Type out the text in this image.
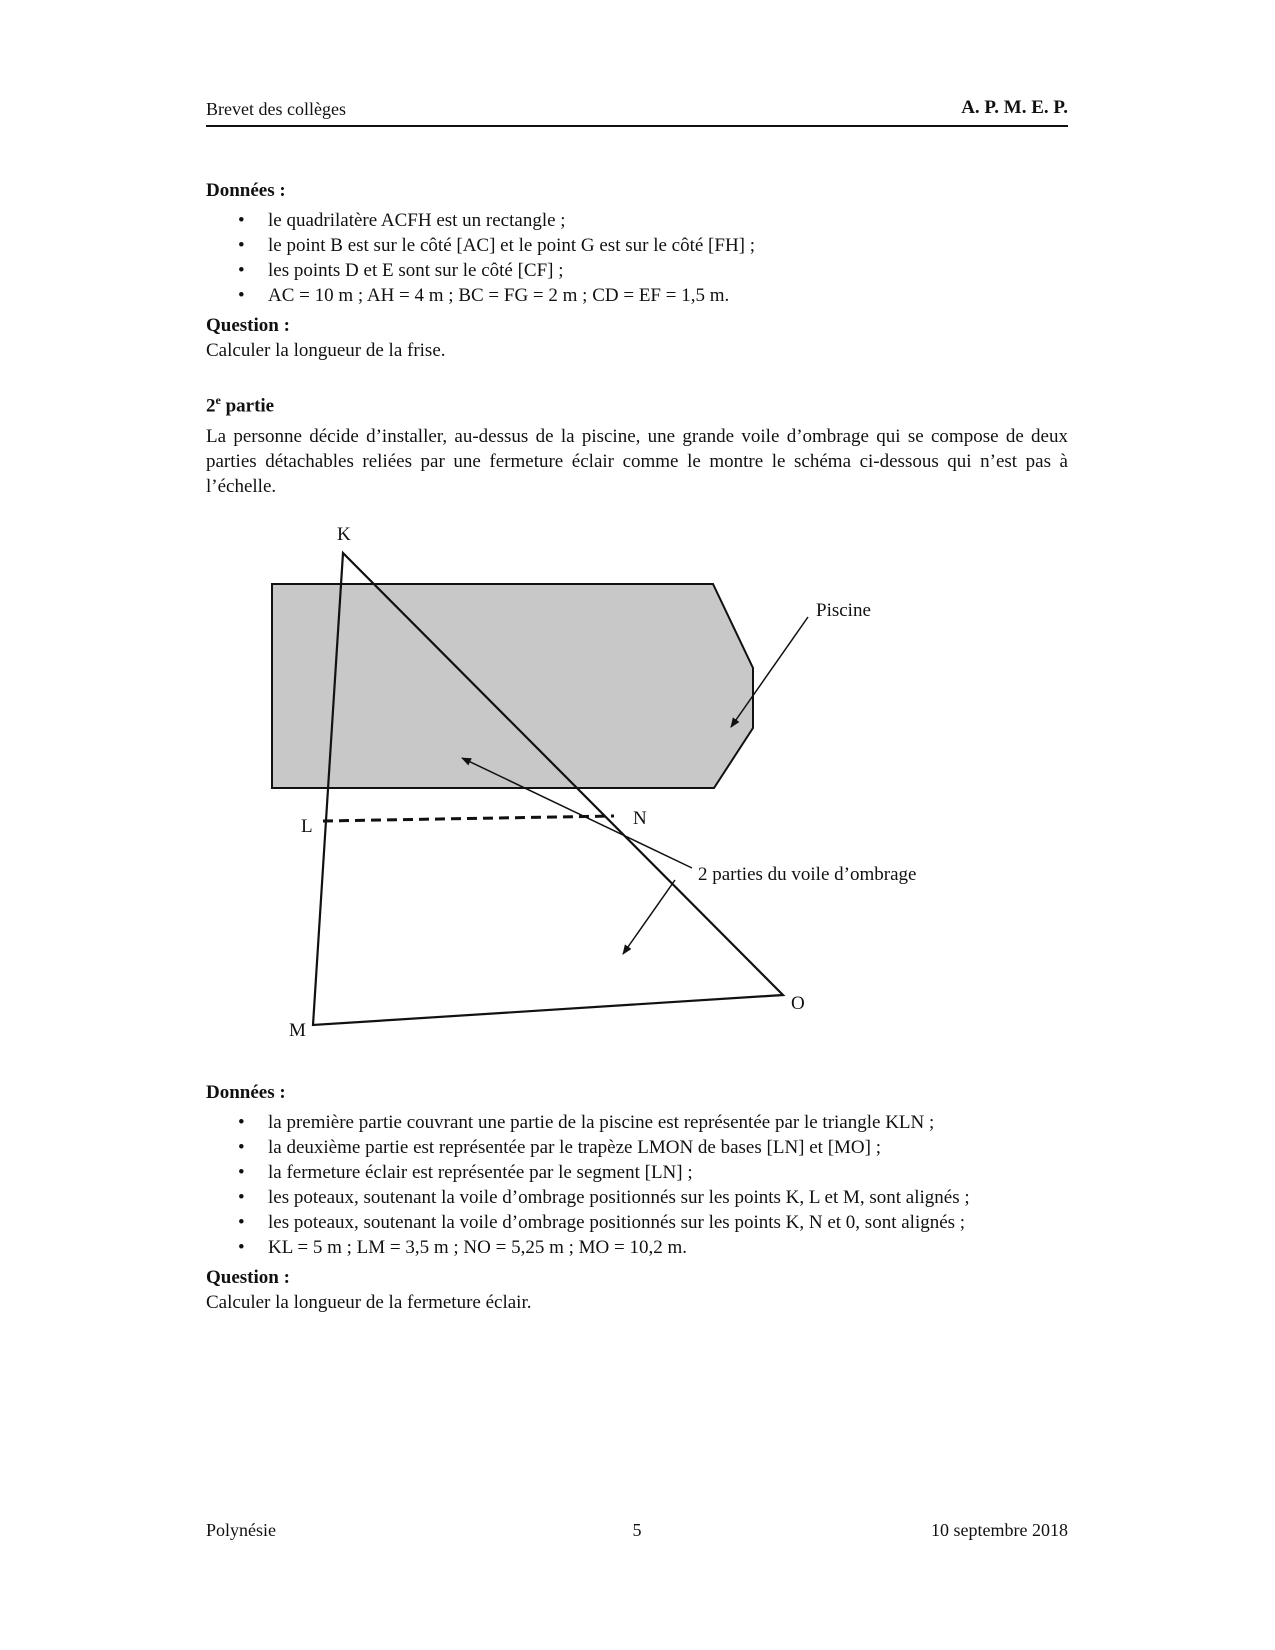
Brevet des collèges	A. P. M. E. P.
Données :
• le quadrilatère ACFH est un rectangle ;
• le point B est sur le côté [AC] et le point G est sur le côté [FH] ;
• les points D et E sont sur le côté [CF] ;
• AC = 10 m ; AH = 4 m ; BC = FG = 2 m ; CD = EF = 1,5 m.
Question :
Calculer la longueur de la frise.
2e partie
La personne décide d’installer, au-dessus de la piscine, une grande voile d’ombrage qui se compose de deux parties détachables reliées par une fermeture éclair comme le montre le schéma ci-dessous qui n’est pas à l’échelle.
K
L	N
M
O
Piscine
2 parties du voile d’ombrage
Données :
• la première partie couvrant une partie de la piscine est représentée par le triangle KLN ;
• la deuxième partie est représentée par le trapèze LMON de bases [LN] et [MO] ;
• la fermeture éclair est représentée par le segment [LN] ;
• les poteaux, soutenant la voile d’ombrage positionnés sur les points K, L et M, sont alignés ;
• les poteaux, soutenant la voile d’ombrage positionnés sur les points K, N et 0, sont alignés ;
• KL = 5 m ; LM = 3,5 m ; NO = 5,25 m ; MO = 10,2 m.
Question :
Calculer la longueur de la fermeture éclair.
Polynésie	5	10 septembre 2018
